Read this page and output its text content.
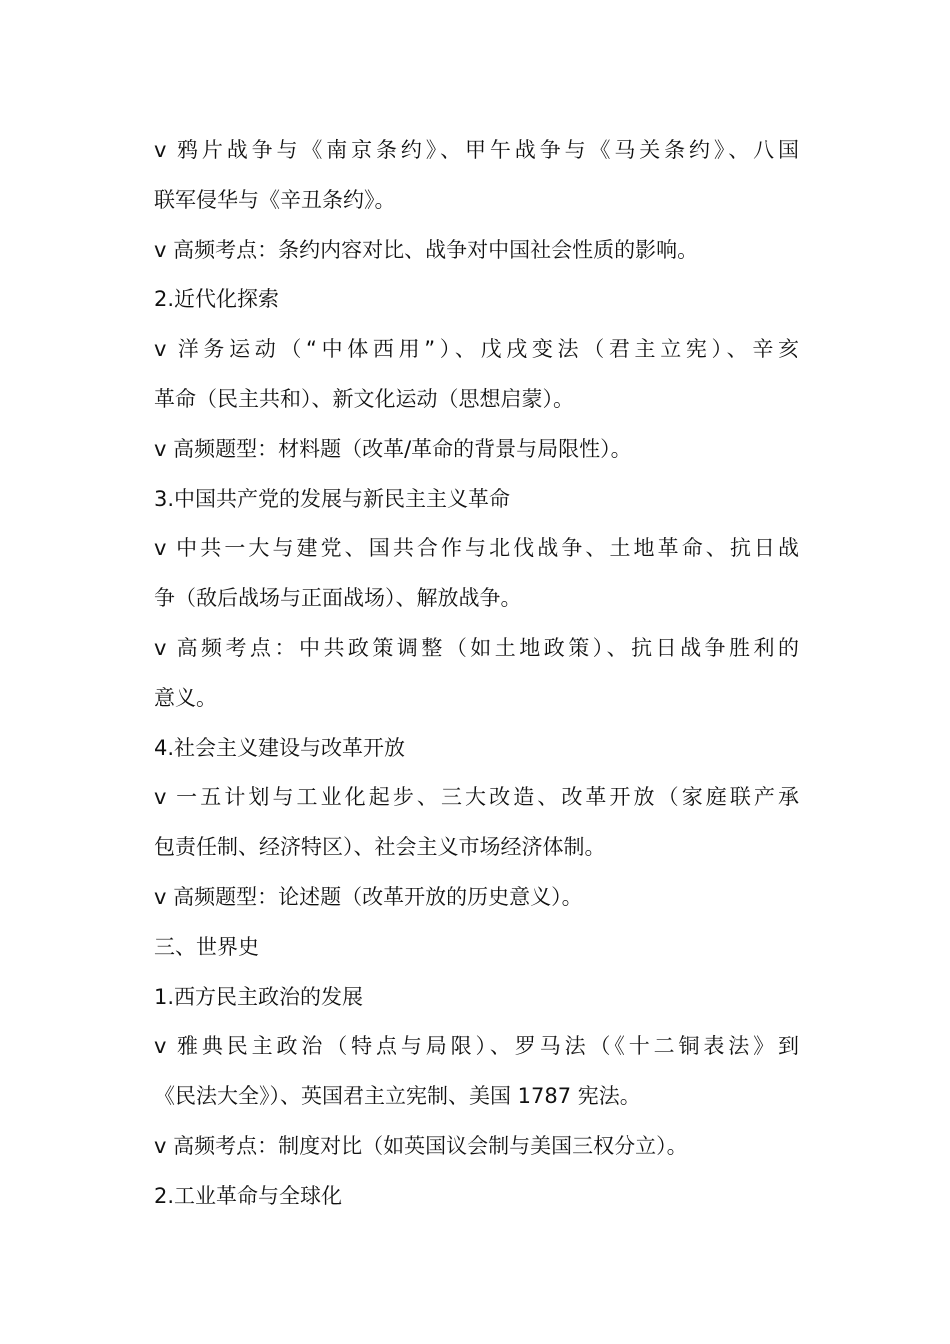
v 鸦片战争与《南京条约》、甲午战争与《马关条约》、八国
联军侵华与《辛丑条约》。
v 高频考点：条约内容对比、战争对中国社会性质的影响。
2.近代化探索
v 洋务运动（“中体西用”）、戊戌变法（君主立宪）、辛亥
革命（民主共和）、新文化运动（思想启蒙）。
v 高频题型：材料题（改革/革命的背景与局限性）。
3.中国共产党的发展与新民主主义革命
v 中共一大与建党、国共合作与北伐战争、土地革命、抗日战
争（敌后战场与正面战场）、解放战争。
v 高频考点：中共政策调整（如土地政策）、抗日战争胜利的
意义。
4.社会主义建设与改革开放
v 一五计划与工业化起步、三大改造、改革开放（家庭联产承
包责任制、经济特区）、社会主义市场经济体制。
v 高频题型：论述题（改革开放的历史意义）。
三、世界史
1.西方民主政治的发展
v 雅典民主政治（特点与局限）、罗马法（《十二铜表法》到
《民法大全》）、英国君主立宪制、美国 1787 宪法。
v 高频考点：制度对比（如英国议会制与美国三权分立）。
2.工业革命与全球化
